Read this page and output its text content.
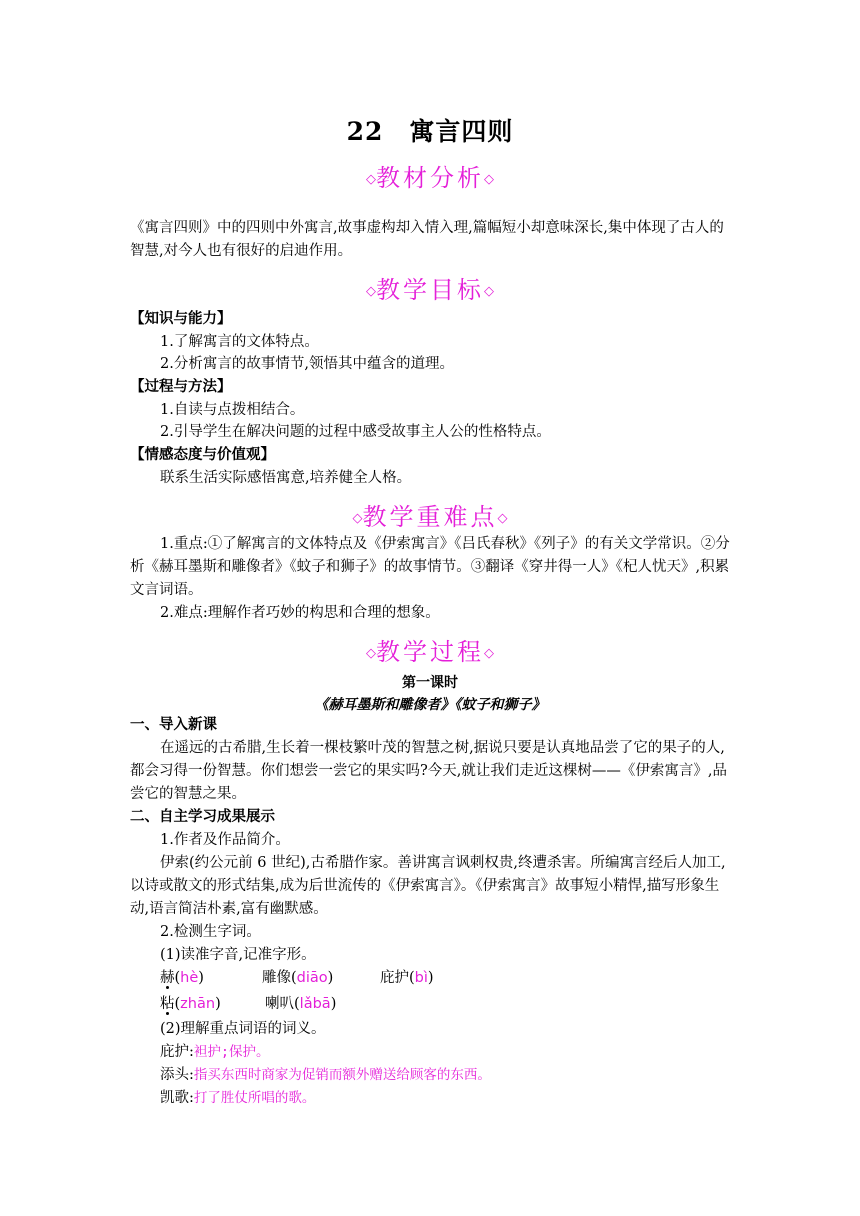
22 寓言四则
◇教材分析◇
《寓言四则》中的四则中外寓言,故事虚构却入情入理,篇幅短小却意味深长,集中体现了古人的智慧,对今人也有很好的启迪作用。
◇教学目标◇
【知识与能力】
1.了解寓言的文体特点。
2.分析寓言的故事情节,领悟其中蕴含的道理。
【过程与方法】
1.自读与点拨相结合。
2.引导学生在解决问题的过程中感受故事主人公的性格特点。
【情感态度与价值观】
联系生活实际感悟寓意,培养健全人格。
◇教学重难点◇
1.重点:①了解寓言的文体特点及《伊索寓言》《吕氏春秋》《列子》的有关文学常识。②分析《赫耳墨斯和雕像者》《蚊子和狮子》的故事情节。③翻译《穿井得一人》《杞人忧天》,积累文言词语。
2.难点:理解作者巧妙的构思和合理的想象。
◇教学过程◇
第一课时
《赫耳墨斯和雕像者》《蚊子和狮子》
一、导入新课
在遥远的古希腊,生长着一棵枝繁叶茂的智慧之树,据说只要是认真地品尝了它的果子的人,都会习得一份智慧。你们想尝一尝它的果实吗?今天,就让我们走近这棵树——《伊索寓言》,品尝它的智慧之果。
二、自主学习成果展示
1.作者及作品简介。
伊索(约公元前 6 世纪),古希腊作家。善讲寓言讽刺权贵,终遭杀害。所编寓言经后人加工,以诗或散文的形式结集,成为后世流传的《伊索寓言》。《伊索寓言》故事短小精悍,描写形象生动,语言简洁朴素,富有幽默感。
2.检测生字词。
(1)读准字音,记准字形。
赫(hè)	雕像(diāo)	庇护(bì)
粘(zhān)	喇叭(lǎbā)
(2)理解重点词语的词义。
庇护:袒护;保护。
添头:指买东西时商家为促销而额外赠送给顾客的东西。
凯歌:打了胜仗所唱的歌。
